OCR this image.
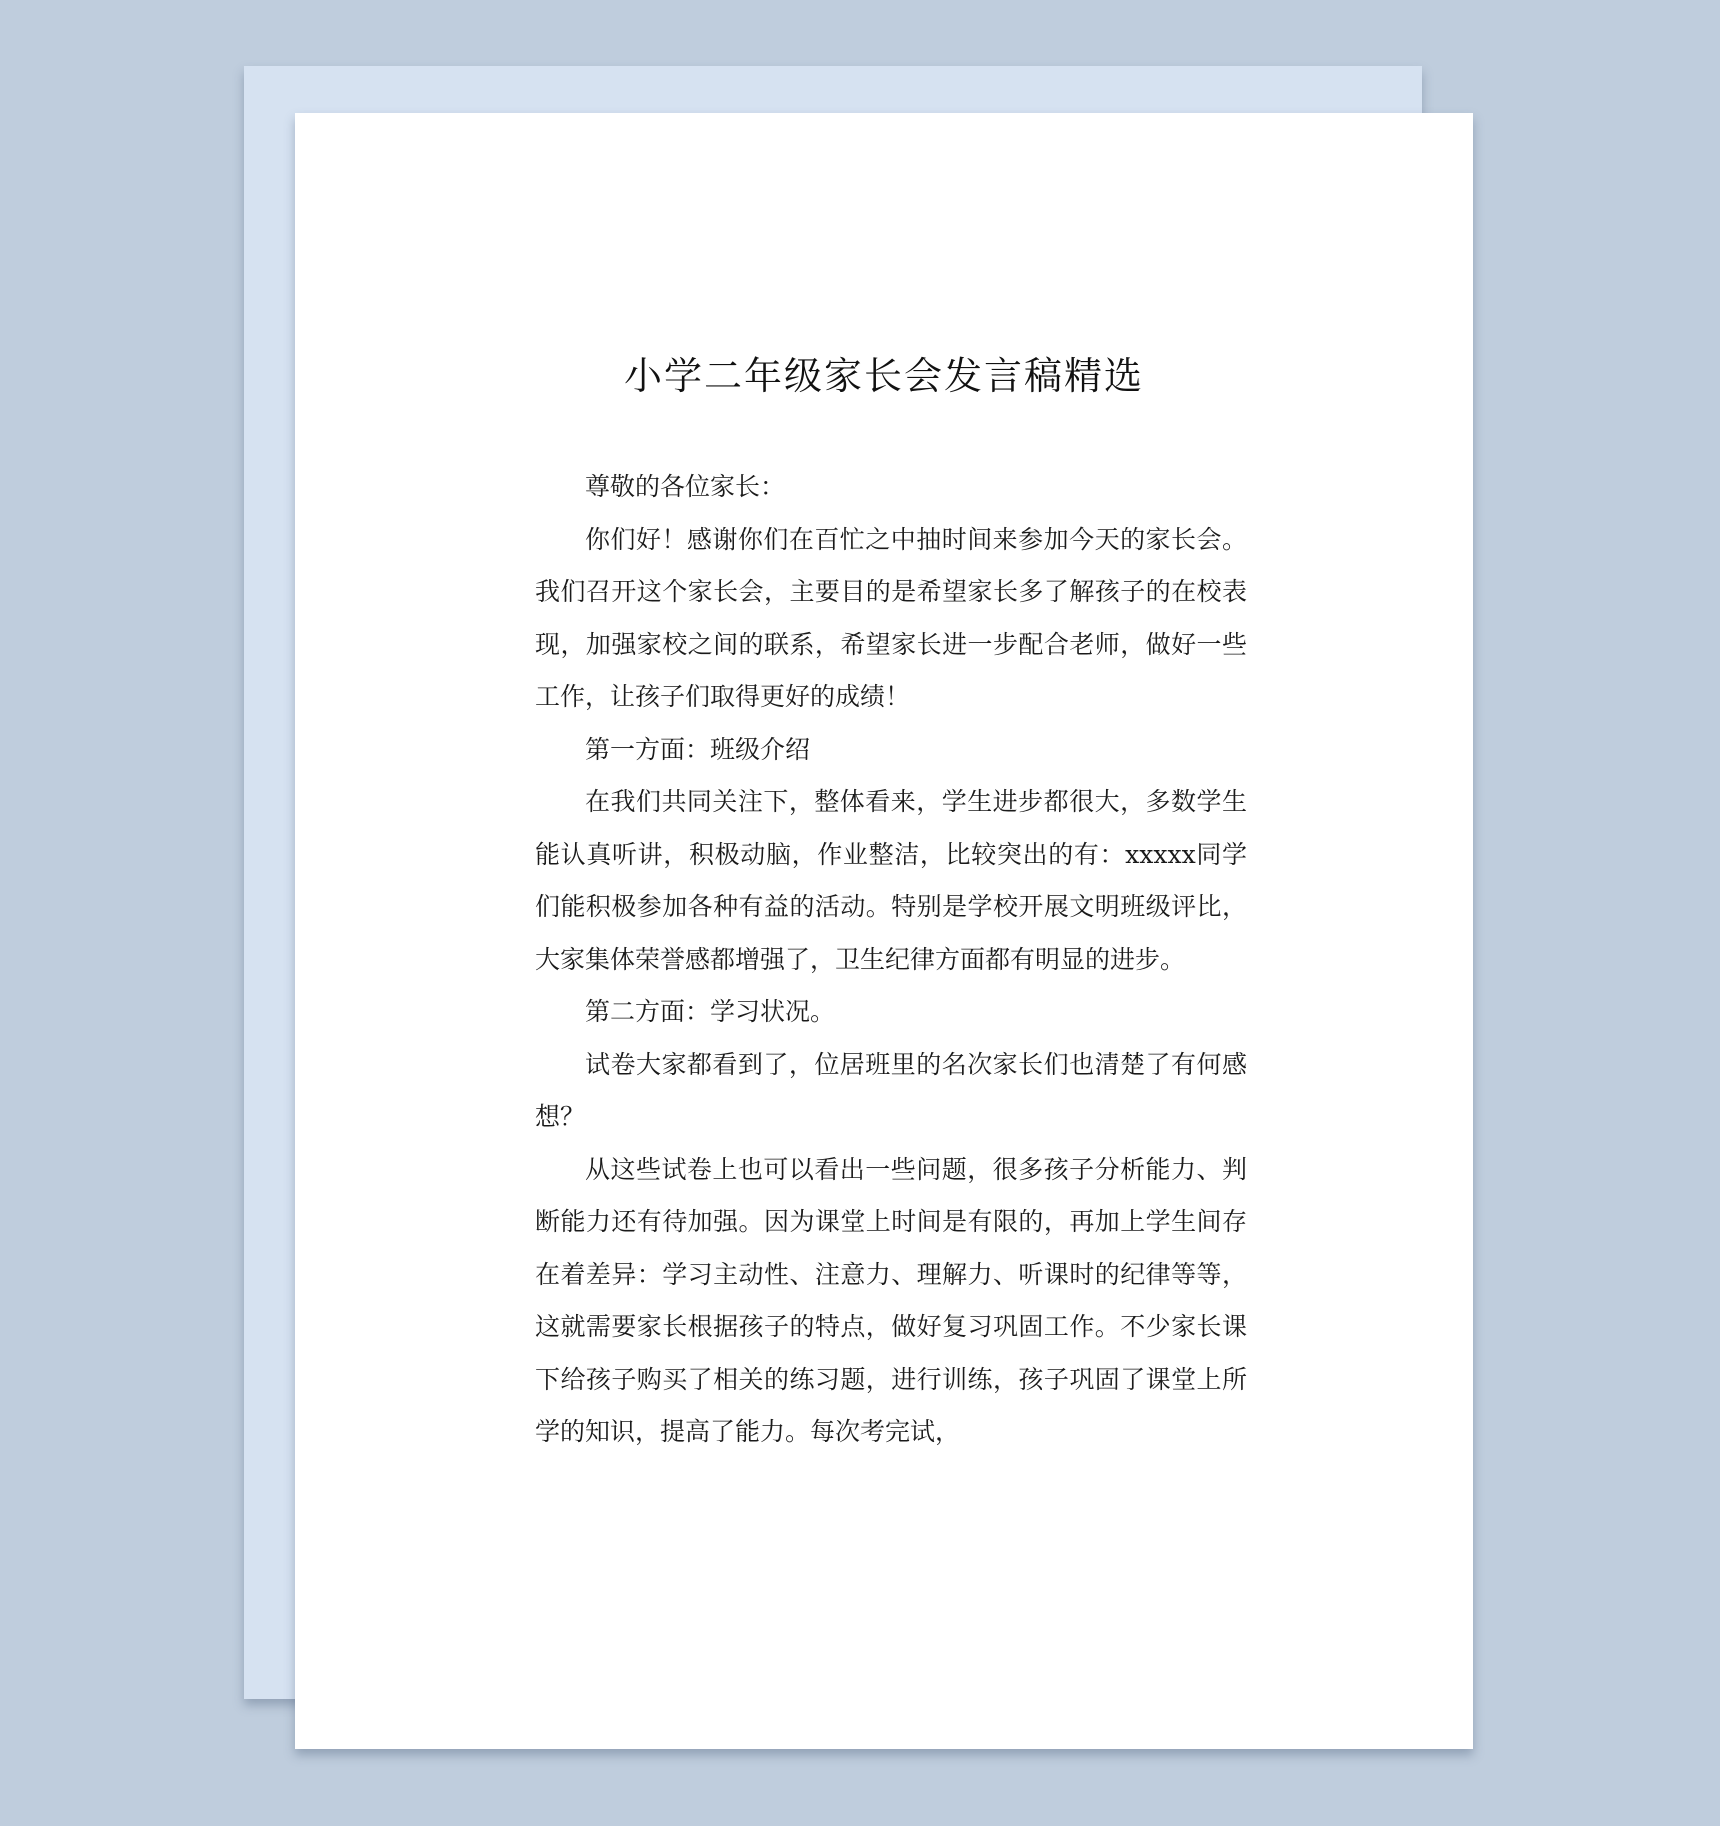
小学二年级家长会发言稿精选

尊敬的各位家长：

你们好！感谢你们在百忙之中抽时间来参加今天的家长会。我们召开这个家长会，主要目的是希望家长多了解孩子的在校表现，加强家校之间的联系，希望家长进一步配合老师，做好一些工作，让孩子们取得更好的成绩！

第一方面：班级介绍

在我们共同关注下，整体看来，学生进步都很大，多数学生能认真听讲，积极动脑，作业整洁，比较突出的有：xxxxx同学们能积极参加各种有益的活动。特别是学校开展文明班级评比，大家集体荣誉感都增强了，卫生纪律方面都有明显的进步。

第二方面：学习状况。

试卷大家都看到了，位居班里的名次家长们也清楚了有何感想？

从这些试卷上也可以看出一些问题，很多孩子分析能力、判断能力还有待加强。因为课堂上时间是有限的，再加上学生间存在着差异：学习主动性、注意力、理解力、听课时的纪律等等，这就需要家长根据孩子的特点，做好复习巩固工作。不少家长课下给孩子购买了相关的练习题，进行训练，孩子巩固了课堂上所学的知识，提高了能力。每次考完试，
